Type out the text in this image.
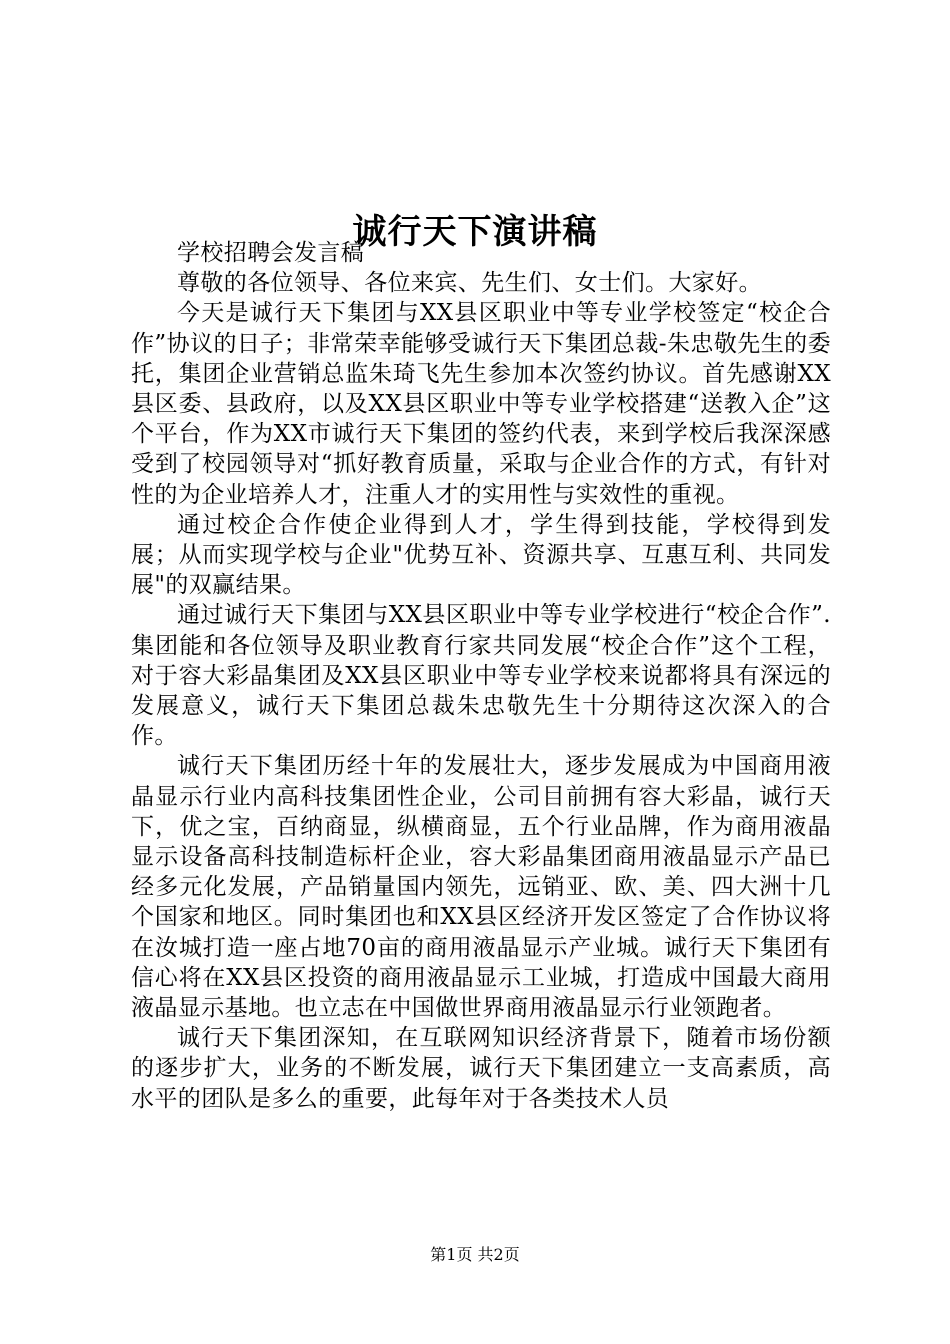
诚行天下演讲稿

学校招聘会发言稿

尊敬的各位领导、各位来宾、先生们、女士们。大家好。

今天是诚行天下集团与XX县区职业中等专业学校签定“校企合作”协议的日子；非常荣幸能够受诚行天下集团总裁-朱忠敬先生的委托，集团企业营销总监朱琦飞先生参加本次签约协议。首先感谢XX县区委、县政府，以及XX县区职业中等专业学校搭建“送教入企”这个平台，作为XX市诚行天下集团的签约代表，来到学校后我深深感受到了校园领导对“抓好教育质量，采取与企业合作的方式，有针对性的为企业培养人才，注重人才的实用性与实效性的重视。

通过校企合作使企业得到人才，学生得到技能，学校得到发展；从而实现学校与企业"优势互补、资源共享、互惠互利、共同发展"的双赢结果。

通过诚行天下集团与XX县区职业中等专业学校进行“校企合作”.集团能和各位领导及职业教育行家共同发展“校企合作”这个工程，对于容大彩晶集团及XX县区职业中等专业学校来说都将具有深远的发展意义，诚行天下集团总裁朱忠敬先生十分期待这次深入的合作。

诚行天下集团历经十年的发展壮大，逐步发展成为中国商用液晶显示行业内高科技集团性企业，公司目前拥有容大彩晶，诚行天下，优之宝，百纳商显，纵横商显，五个行业品牌，作为商用液晶显示设备高科技制造标杆企业，容大彩晶集团商用液晶显示产品已经多元化发展，产品销量国内领先，远销亚、欧、美、四大洲十几个国家和地区。同时集团也和XX县区经济开发区签定了合作协议将在汝城打造一座占地70亩的商用液晶显示产业城。诚行天下集团有信心将在XX县区投资的商用液晶显示工业城，打造成中国最大商用液晶显示基地。也立志在中国做世界商用液晶显示行业领跑者。

诚行天下集团深知，在互联网知识经济背景下，随着市场份额的逐步扩大，业务的不断发展，诚行天下集团建立一支高素质，高水平的团队是多么的重要，此每年对于各类技术人员

第1页 共2页
